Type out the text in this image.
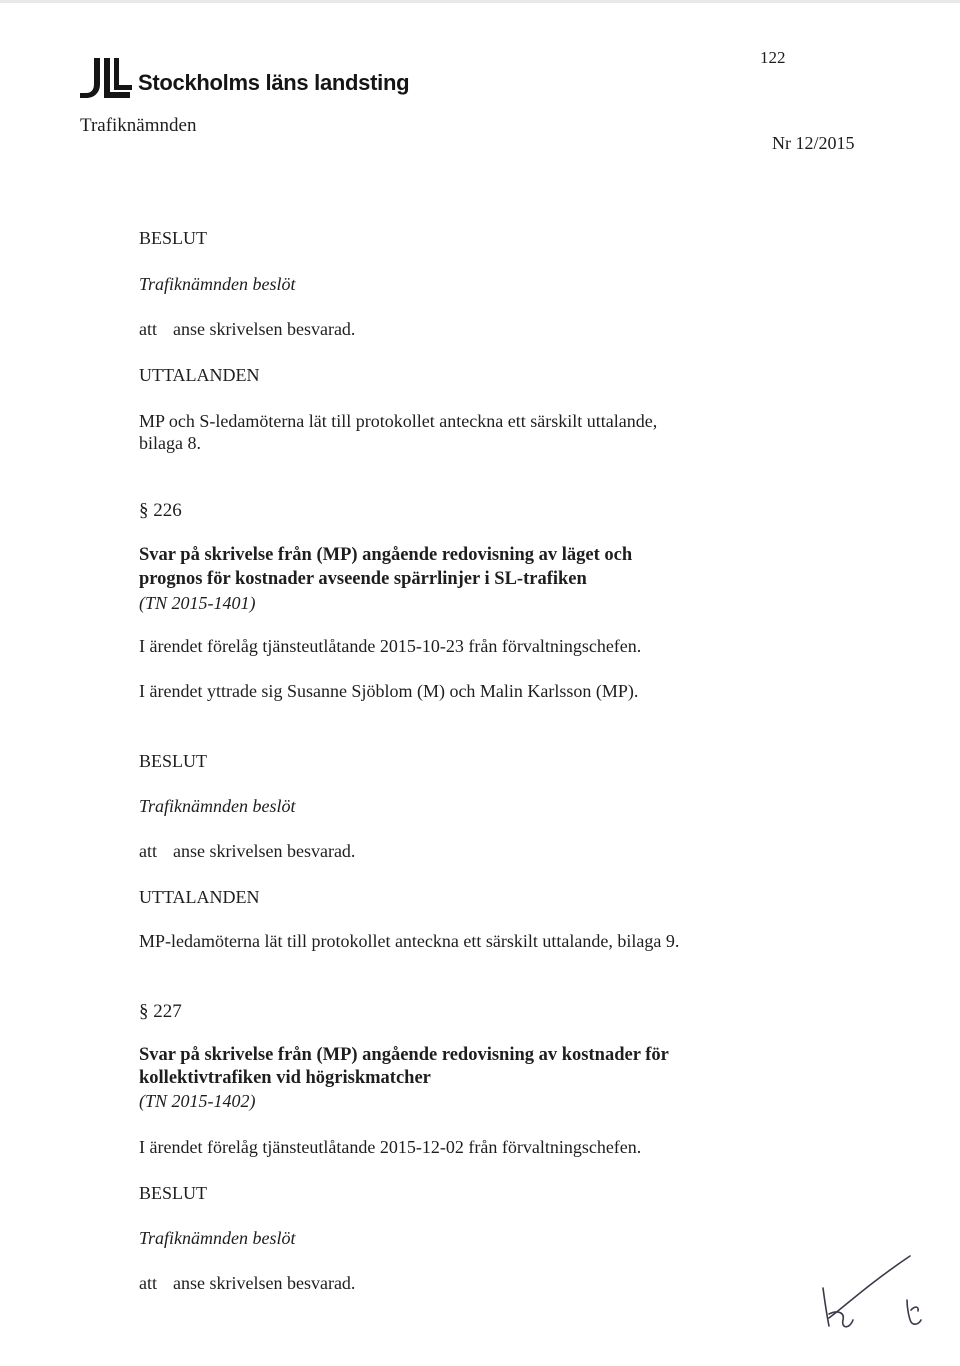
Stockholms läns landsting

122

Trafiknämnden

Nr 12/2015

BESLUT

Trafiknämnden beslöt

att anse skrivelsen besvarad.

UTTALANDEN

MP och S-ledamöterna lät till protokollet anteckna ett särskilt uttalande,

bilaga 8.

§ 226

Svar på skrivelse från (MP) angående redovisning av läget och

prognos för kostnader avseende spärrlinjer i SL-trafiken

(TN 2015-1401)

I ärendet förelåg tjänsteutlåtande 2015-10-23 från förvaltningschefen.

I ärendet yttrade sig Susanne Sjöblom (M) och Malin Karlsson (MP).

BESLUT

Trafiknämnden beslöt

att anse skrivelsen besvarad.

UTTALANDEN

MP-ledamöterna lät till protokollet anteckna ett särskilt uttalande, bilaga 9.

§ 227

Svar på skrivelse från (MP) angående redovisning av kostnader för

kollektivtrafiken vid högriskmatcher

(TN 2015-1402)

I ärendet förelåg tjänsteutlåtande 2015-12-02 från förvaltningschefen.

BESLUT

Trafiknämnden beslöt

att anse skrivelsen besvarad.
